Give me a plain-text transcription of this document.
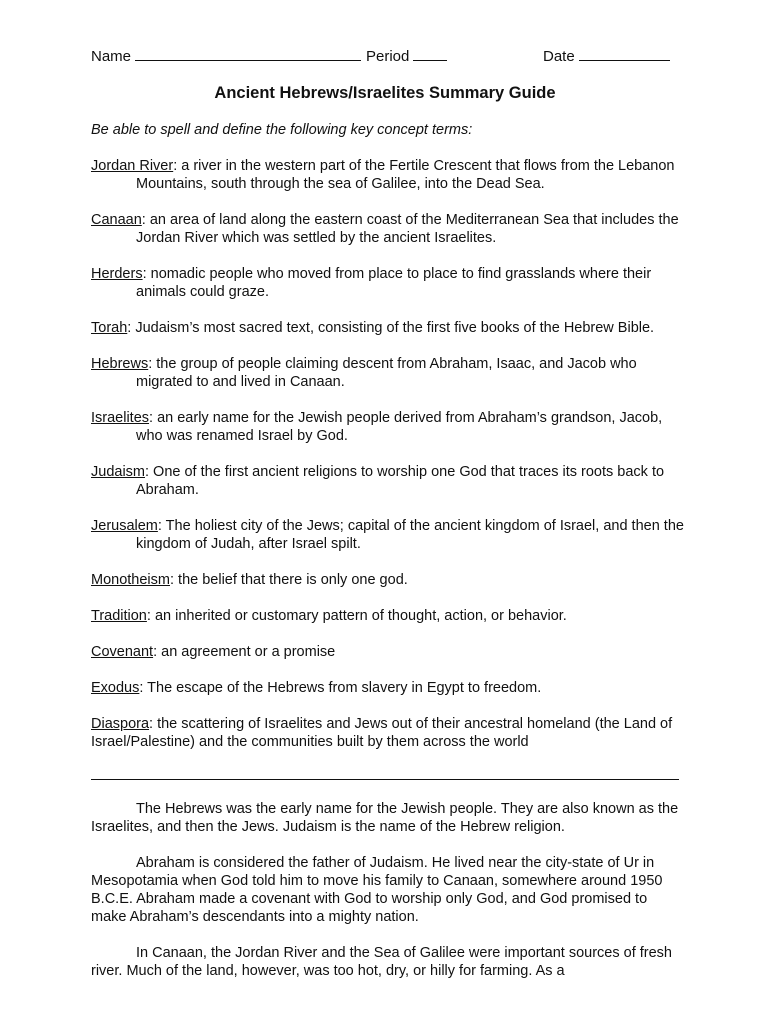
Name	Period	Date
Ancient Hebrews/Israelites Summary Guide
Be able to spell and define the following key concept terms:

Jordan River: a river in the western part of the Fertile Crescent that flows from the Lebanon Mountains, south through the sea of Galilee, into the Dead Sea.

Canaan: an area of land along the eastern coast of the Mediterranean Sea that includes the Jordan River which was settled by the ancient Israelites.

Herders: nomadic people who moved from place to place to find grasslands where their animals could graze.

Torah: Judaism’s most sacred text, consisting of the first five books of the Hebrew Bible.

Hebrews: the group of people claiming descent from Abraham, Isaac, and Jacob who migrated to and lived in Canaan.

Israelites: an early name for the Jewish people derived from Abraham’s grandson, Jacob, who was renamed Israel by God.

Judaism: One of the first ancient religions to worship one God that traces its roots back to Abraham.

Jerusalem: The holiest city of the Jews; capital of the ancient kingdom of Israel, and then the kingdom of Judah, after Israel spilt.

Monotheism: the belief that there is only one god.

Tradition: an inherited or customary pattern of thought, action, or behavior.

Covenant: an agreement or a promise

Exodus: The escape of the Hebrews from slavery in Egypt to freedom.

Diaspora: the scattering of Israelites and Jews out of their ancestral homeland (the Land of Israel/Palestine) and the communities built by them across the world

The Hebrews was the early name for the Jewish people. They are also known as the Israelites, and then the Jews. Judaism is the name of the Hebrew religion.

Abraham is considered the father of Judaism. He lived near the city-state of Ur in Mesopotamia when God told him to move his family to Canaan, somewhere around 1950 B.C.E. Abraham made a covenant with God to worship only God, and God promised to make Abraham’s descendants into a mighty nation.

In Canaan, the Jordan River and the Sea of Galilee were important sources of fresh river. Much of the land, however, was too hot, dry, or hilly for farming. As a
